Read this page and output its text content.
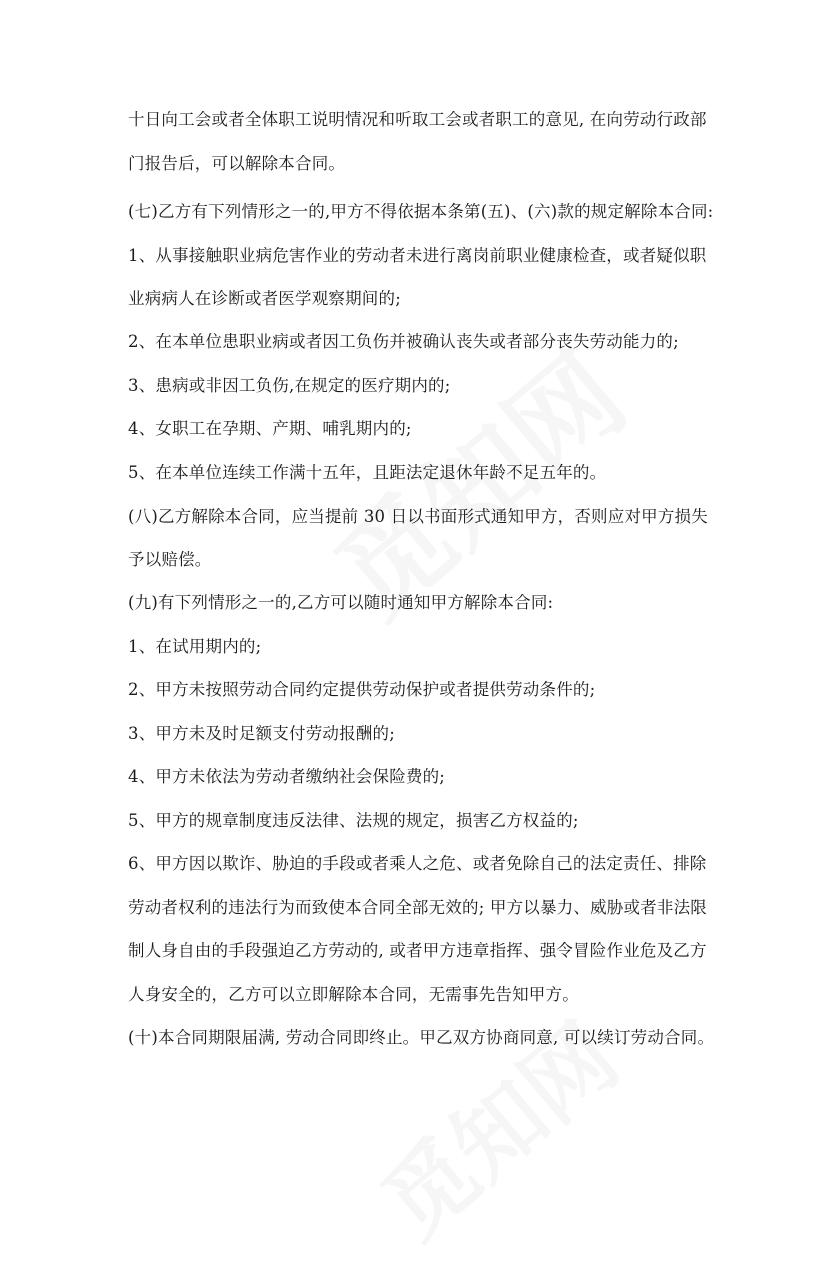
十日向工会或者全体职工说明情况和听取工会或者职工的意见, 在向劳动行政部
门报告后，可以解除本合同。
(七)乙方有下列情形之一的,甲方不得依据本条第(五)、(六)款的规定解除本合同:
1、从事接触职业病危害作业的劳动者未进行离岗前职业健康检查，或者疑似职
业病病人在诊断或者医学观察期间的;
2、在本单位患职业病或者因工负伤并被确认丧失或者部分丧失劳动能力的;
3、患病或非因工负伤,在规定的医疗期内的;
4、女职工在孕期、产期、哺乳期内的;
5、在本单位连续工作满十五年，且距法定退休年龄不足五年的。
(八)乙方解除本合同，应当提前 30 日以书面形式通知甲方，否则应对甲方损失
予以赔偿。
(九)有下列情形之一的,乙方可以随时通知甲方解除本合同:
1、在试用期内的;
2、甲方未按照劳动合同约定提供劳动保护或者提供劳动条件的;
3、甲方未及时足额支付劳动报酬的;
4、甲方未依法为劳动者缴纳社会保险费的;
5、甲方的规章制度违反法律、法规的规定，损害乙方权益的;
6、甲方因以欺诈、胁迫的手段或者乘人之危、或者免除自己的法定责任、排除
劳动者权利的违法行为而致使本合同全部无效的; 甲方以暴力、威胁或者非法限
制人身自由的手段强迫乙方劳动的, 或者甲方违章指挥、强令冒险作业危及乙方
人身安全的，乙方可以立即解除本合同，无需事先告知甲方。
(十)本合同期限届满, 劳动合同即终止。甲乙双方协商同意, 可以续订劳动合同。
